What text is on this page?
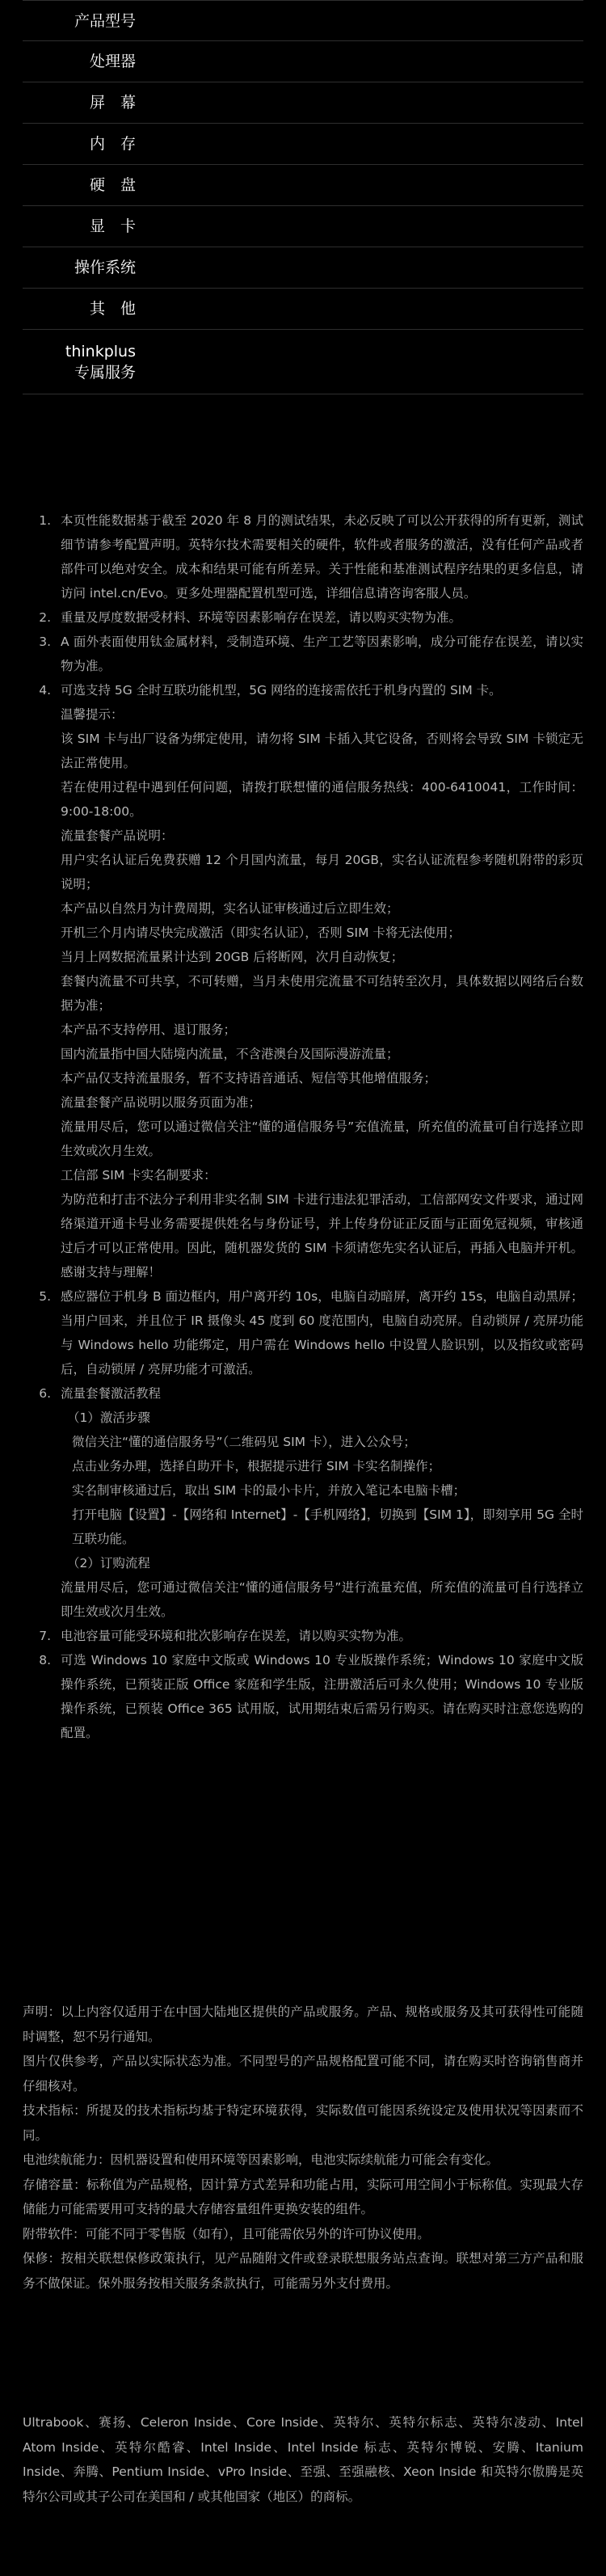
产品型号
处理器
屏　幕
内　存
硬　盘
显　卡
操作系统
其　他
thinkplus
专属服务
1. 本页性能数据基于截至 2020 年 8 月的测试结果，未必反映了可以公开获得的所有更新，测试细节请参考配置声明。英特尔技术需要相关的硬件，软件或者服务的激活，没有任何产品或者部件可以绝对安全。成本和结果可能有所差异。关于性能和基准测试程序结果的更多信息，请访问 intel.cn/Evo。更多处理器配置机型可选，详细信息请咨询客服人员。
2. 重量及厚度数据受材料、环境等因素影响存在误差，请以购买实物为准。
3. A 面外表面使用钛金属材料，受制造环境、生产工艺等因素影响，成分可能存在误差，请以实物为准。
4. 可选支持 5G 全时互联功能机型，5G 网络的连接需依托于机身内置的 SIM 卡。

温馨提示：

该 SIM 卡与出厂设备为绑定使用，请勿将 SIM 卡插入其它设备，否则将会导致 SIM 卡锁定无法正常使用。

若在使用过程中遇到任何问题，请拨打联想懂的通信服务热线：400-6410041，工作时间：9:00-18:00。

流量套餐产品说明：

用户实名认证后免费获赠 12 个月国内流量，每月 20GB，实名认证流程参考随机附带的彩页说明；

本产品以自然月为计费周期，实名认证审核通过后立即生效；

开机三个月内请尽快完成激活（即实名认证），否则 SIM 卡将无法使用；

当月上网数据流量累计达到 20GB 后将断网，次月自动恢复；

套餐内流量不可共享，不可转赠，当月未使用完流量不可结转至次月，具体数据以网络后台数据为准；

本产品不支持停用、退订服务；

国内流量指中国大陆境内流量，不含港澳台及国际漫游流量；

本产品仅支持流量服务，暂不支持语音通话、短信等其他增值服务；

流量套餐产品说明以服务页面为准；

流量用尽后，您可以通过微信关注“懂的通信服务号”充值流量，所充值的流量可自行选择立即生效或次月生效。

工信部 SIM 卡实名制要求：

为防范和打击不法分子利用非实名制 SIM 卡进行违法犯罪活动，工信部网安文件要求，通过网络渠道开通卡号业务需要提供姓名与身份证号，并上传身份证正反面与正面免冠视频，审核通过后才可以正常使用。因此，随机器发货的 SIM 卡须请您先实名认证后，再插入电脑并开机。感谢支持与理解！

5. 感应器位于机身 B 面边框内，用户离开约 10s，电脑自动暗屏，离开约 15s，电脑自动黑屏；当用户回来，并且位于 IR 摄像头 45 度到 60 度范围内，电脑自动亮屏。自动锁屏 / 亮屏功能与 Windows hello 功能绑定，用户需在 Windows hello 中设置人脸识别，以及指纹或密码后，自动锁屏 / 亮屏功能才可激活。
6. 流量套餐激活教程

（1）激活步骤

微信关注“懂的通信服务号”（二维码见 SIM 卡），进入公众号；

点击业务办理，选择自助开卡，根据提示进行 SIM 卡实名制操作；

实名制审核通过后，取出 SIM 卡的最小卡片，并放入笔记本电脑卡槽；

打开电脑【设置】-【网络和 Internet】-【手机网络】，切换到【SIM 1】，即刻享用 5G 全时互联功能。

（2）订购流程

流量用尽后，您可通过微信关注“懂的通信服务号”进行流量充值，所充值的流量可自行选择立即生效或次月生效。

7. 电池容量可能受环境和批次影响存在误差，请以购买实物为准。
8. 可选 Windows 10 家庭中文版或 Windows 10 专业版操作系统；Windows 10 家庭中文版操作系统，已预装正版 Office 家庭和学生版，注册激活后可永久使用；Windows 10 专业版操作系统，已预装 Office 365 试用版，试用期结束后需另行购买。请在购买时注意您选购的配置。

声明：以上内容仅适用于在中国大陆地区提供的产品或服务。产品、规格或服务及其可获得性可能随时调整，恕不另行通知。

图片仅供参考，产品以实际状态为准。不同型号的产品规格配置可能不同，请在购买时咨询销售商并仔细核对。

技术指标：所提及的技术指标均基于特定环境获得，实际数值可能因系统设定及使用状况等因素而不同。

电池续航能力：因机器设置和使用环境等因素影响，电池实际续航能力可能会有变化。

存储容量：标称值为产品规格，因计算方式差异和功能占用，实际可用空间小于标称值。实现最大存储能力可能需要用可支持的最大存储容量组件更换安装的组件。

附带软件：可能不同于零售版（如有），且可能需依另外的许可协议使用。

保修：按相关联想保修政策执行，见产品随附文件或登录联想服务站点查询。联想对第三方产品和服务不做保证。保外服务按相关服务条款执行，可能需另外支付费用。

Ultrabook、赛扬、Celeron Inside、Core Inside、英特尔、英特尔标志、英特尔凌动、Intel Atom Inside、英特尔酷睿、Intel Inside、Intel Inside 标志、英特尔博锐、安腾、Itanium Inside、奔腾、Pentium Inside、vPro Inside、至强、至强融核、Xeon Inside 和英特尔傲腾是英特尔公司或其子公司在美国和 / 或其他国家（地区）的商标。
